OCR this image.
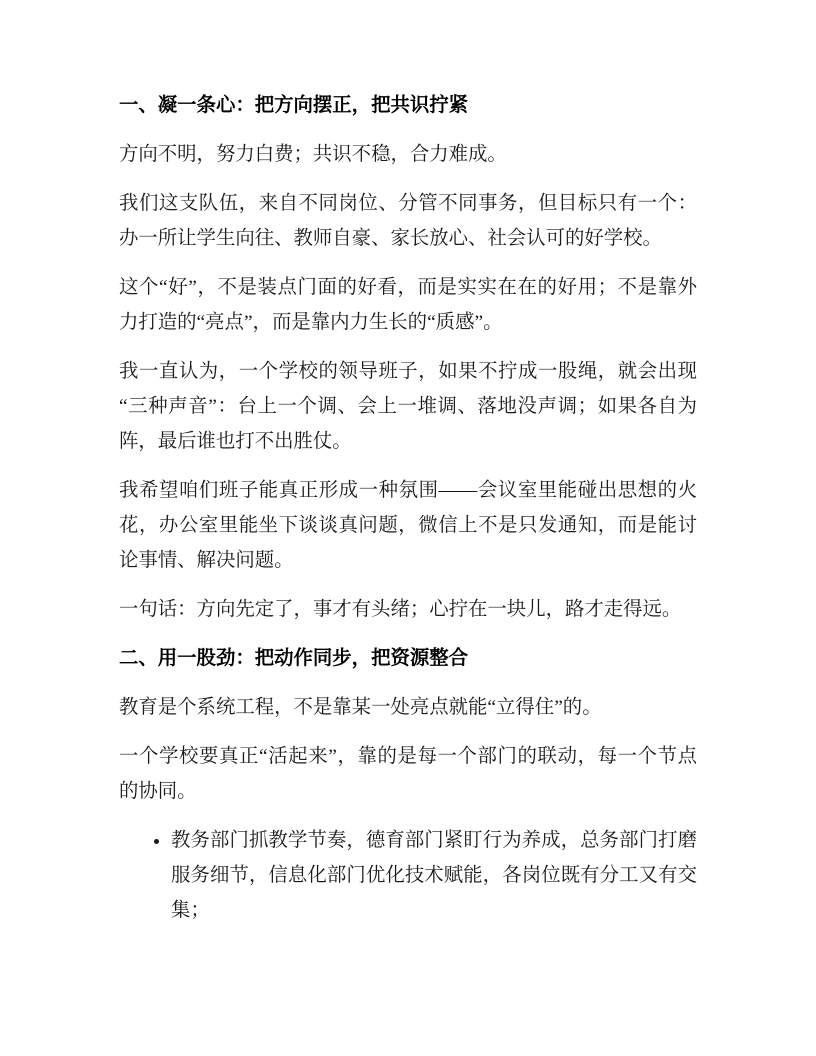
一、凝一条心：把方向摆正，把共识拧紧

方向不明，努力白费；共识不稳，合力难成。

我们这支队伍，来自不同岗位、分管不同事务，但目标只有一个：办一所让学生向往、教师自豪、家长放心、社会认可的好学校。

这个“好”，不是装点门面的好看，而是实实在在的好用；不是靠外力打造的“亮点”，而是靠内力生长的“质感”。

我一直认为，一个学校的领导班子，如果不拧成一股绳，就会出现“三种声音”：台上一个调、会上一堆调、落地没声调；如果各自为阵，最后谁也打不出胜仗。

我希望咱们班子能真正形成一种氛围——会议室里能碰出思想的火花，办公室里能坐下谈谈真问题，微信上不是只发通知，而是能讨论事情、解决问题。

一句话：方向先定了，事才有头绪；心拧在一块儿，路才走得远。

二、用一股劲：把动作同步，把资源整合

教育是个系统工程，不是靠某一处亮点就能“立得住”的。

一个学校要真正“活起来”，靠的是每一个部门的联动，每一个节点的协同。

• 教务部门抓教学节奏，德育部门紧盯行为养成，总务部门打磨服务细节，信息化部门优化技术赋能，各岗位既有分工又有交集；
